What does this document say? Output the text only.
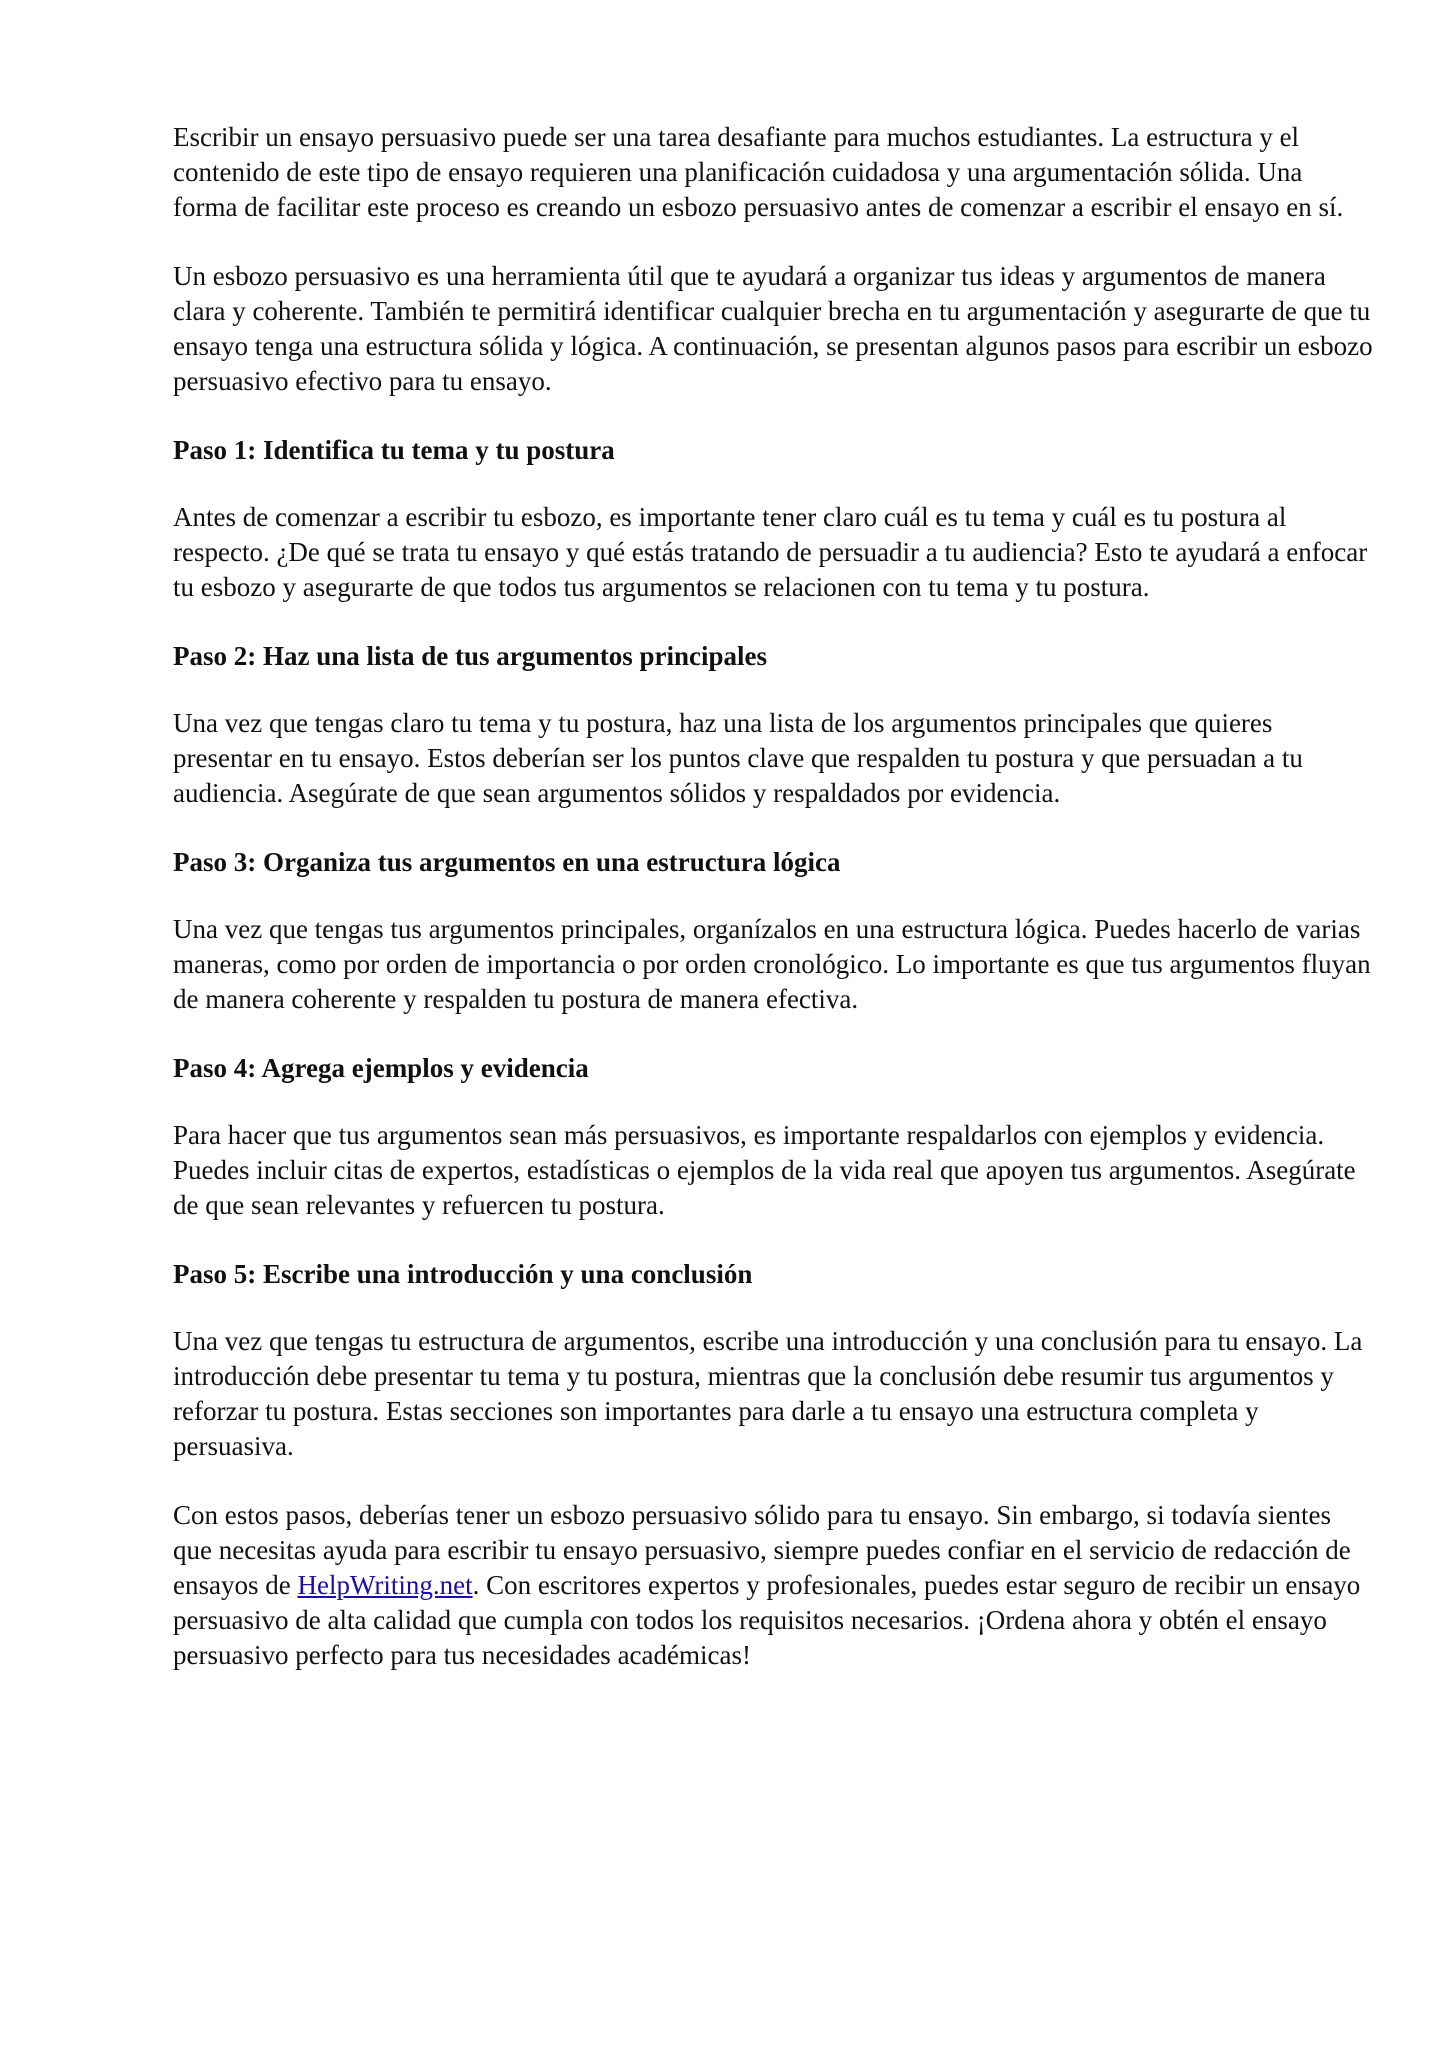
Escribir un ensayo persuasivo puede ser una tarea desafiante para muchos estudiantes. La estructura y el contenido de este tipo de ensayo requieren una planificación cuidadosa y una argumentación sólida. Una forma de facilitar este proceso es creando un esbozo persuasivo antes de comenzar a escribir el ensayo en sí.

Un esbozo persuasivo es una herramienta útil que te ayudará a organizar tus ideas y argumentos de manera clara y coherente. También te permitirá identificar cualquier brecha en tu argumentación y asegurarte de que tu ensayo tenga una estructura sólida y lógica. A continuación, se presentan algunos pasos para escribir un esbozo persuasivo efectivo para tu ensayo.

Paso 1: Identifica tu tema y tu postura

Antes de comenzar a escribir tu esbozo, es importante tener claro cuál es tu tema y cuál es tu postura al respecto. ¿De qué se trata tu ensayo y qué estás tratando de persuadir a tu audiencia? Esto te ayudará a enfocar tu esbozo y asegurarte de que todos tus argumentos se relacionen con tu tema y tu postura.

Paso 2: Haz una lista de tus argumentos principales

Una vez que tengas claro tu tema y tu postura, haz una lista de los argumentos principales que quieres presentar en tu ensayo. Estos deberían ser los puntos clave que respalden tu postura y que persuadan a tu audiencia. Asegúrate de que sean argumentos sólidos y respaldados por evidencia.

Paso 3: Organiza tus argumentos en una estructura lógica

Una vez que tengas tus argumentos principales, organízalos en una estructura lógica. Puedes hacerlo de varias maneras, como por orden de importancia o por orden cronológico. Lo importante es que tus argumentos fluyan de manera coherente y respalden tu postura de manera efectiva.

Paso 4: Agrega ejemplos y evidencia

Para hacer que tus argumentos sean más persuasivos, es importante respaldarlos con ejemplos y evidencia. Puedes incluir citas de expertos, estadísticas o ejemplos de la vida real que apoyen tus argumentos. Asegúrate de que sean relevantes y refuercen tu postura.

Paso 5: Escribe una introducción y una conclusión

Una vez que tengas tu estructura de argumentos, escribe una introducción y una conclusión para tu ensayo. La introducción debe presentar tu tema y tu postura, mientras que la conclusión debe resumir tus argumentos y reforzar tu postura. Estas secciones son importantes para darle a tu ensayo una estructura completa y persuasiva.

Con estos pasos, deberías tener un esbozo persuasivo sólido para tu ensayo. Sin embargo, si todavía sientes que necesitas ayuda para escribir tu ensayo persuasivo, siempre puedes confiar en el servicio de redacción de ensayos de HelpWriting.net. Con escritores expertos y profesionales, puedes estar seguro de recibir un ensayo persuasivo de alta calidad que cumpla con todos los requisitos necesarios. ¡Ordena ahora y obtén el ensayo persuasivo perfecto para tus necesidades académicas!
